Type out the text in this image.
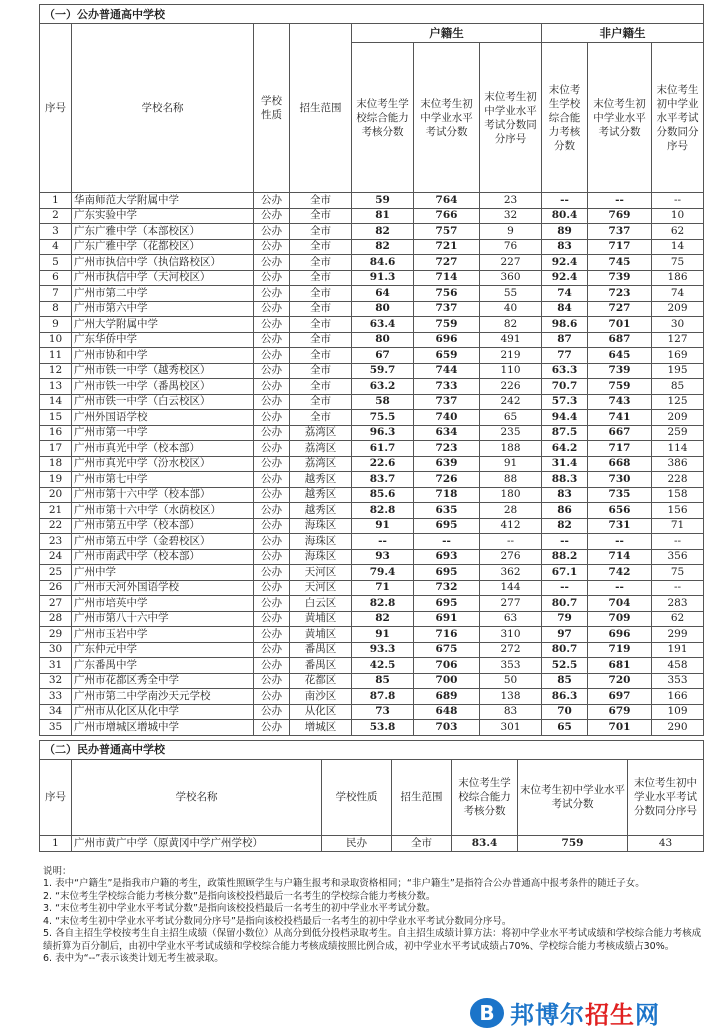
（一）公办普通高中学校									
序号	学校名称	学校性质	招生范围	户籍生			非户籍生		
				末位考生学校综合能力考核分数	末位考生初中学业水平考试分数	末位考生初中学业水平考试分数同分序号	末位考生学校综合能力考核分数	末位考生初中学业水平考试分数	末位考生初中学业水平考试分数同分序号
1	华南师范大学附属中学	公办	全市	59	764	23	--	--	--
2	广东实验中学	公办	全市	81	766	32	80.4	769	10
3	广东广雅中学（本部校区）	公办	全市	82	757	9	89	737	62
4	广东广雅中学（花都校区）	公办	全市	82	721	76	83	717	14
5	广州市执信中学（执信路校区）	公办	全市	84.6	727	227	92.4	745	75
6	广州市执信中学（天河校区）	公办	全市	91.3	714	360	92.4	739	186
7	广州市第二中学	公办	全市	64	756	55	74	723	74
8	广州市第六中学	公办	全市	80	737	40	84	727	209
9	广州大学附属中学	公办	全市	63.4	759	82	98.6	701	30
10	广东华侨中学	公办	全市	80	696	491	87	687	127
11	广州市协和中学	公办	全市	67	659	219	77	645	169
12	广州市铁一中学（越秀校区）	公办	全市	59.7	744	110	63.3	739	195
13	广州市铁一中学（番禺校区）	公办	全市	63.2	733	226	70.7	759	85
14	广州市铁一中学（白云校区）	公办	全市	58	737	242	57.3	743	125
15	广州外国语学校	公办	全市	75.5	740	65	94.4	741	209
16	广州市第一中学	公办	荔湾区	96.3	634	235	87.5	667	259
17	广州市真光中学（校本部）	公办	荔湾区	61.7	723	188	64.2	717	114
18	广州市真光中学（汾水校区）	公办	荔湾区	22.6	639	91	31.4	668	386
19	广州市第七中学	公办	越秀区	83.7	726	88	88.3	730	228
20	广州市第十六中学（校本部）	公办	越秀区	85.6	718	180	83	735	158
21	广州市第十六中学（水荫校区）	公办	越秀区	82.8	635	28	86	656	156
22	广州市第五中学（校本部）	公办	海珠区	91	695	412	82	731	71
23	广州市第五中学（金碧校区）	公办	海珠区	--	--	--	--	--	--
24	广州市南武中学（校本部）	公办	海珠区	93	693	276	88.2	714	356
25	广州中学	公办	天河区	79.4	695	362	67.1	742	75
26	广州市天河外国语学校	公办	天河区	71	732	144	--	--	--
27	广州市培英中学	公办	白云区	82.8	695	277	80.7	704	283
28	广州市第八十六中学	公办	黄埔区	82	691	63	79	709	62
29	广州市玉岩中学	公办	黄埔区	91	716	310	97	696	299
30	广东仲元中学	公办	番禺区	93.3	675	272	80.7	719	191
31	广东番禺中学	公办	番禺区	42.5	706	353	52.5	681	458
32	广州市花都区秀全中学	公办	花都区	85	700	50	85	720	353
33	广州市第二中学南沙天元学校	公办	南沙区	87.8	689	138	86.3	697	166
34	广州市从化区从化中学	公办	从化区	73	648	83	70	679	109
35	广州市增城区增城中学	公办	增城区	53.8	703	301	65	701	290
（二）民办普通高中学校						
序号	学校名称	学校性质	招生范围	末位考生学校综合能力考核分数	末位考生初中学业水平考试分数	末位考生初中学业水平考试分数同分序号
1	广州市黄广中学（原黄冈中学广州学校）	民办	全市	83.4	759	43
说明：
1. 表中“户籍生”是指我市户籍的考生，政策性照顾学生与户籍生报考和录取资格相同；“非户籍生”是指符合公办普通高中报考条件的随迁子女。
2. “末位考生学校综合能力考核分数”是指向该校投档最后一名考生的学校综合能力考核分数。
3. “末位考生初中学业水平考试分数”是指向该校投档最后一名考生的初中学业水平考试分数。
4. “末位考生初中学业水平考试分数同分序号”是指向该校投档最后一名考生的初中学业水平考试分数同分序号。
5. 各自主招生学校按考生自主招生成绩（保留小数位）从高分到低分投档录取考生。自主招生成绩计算方法：将初中学业水平考试成绩和学校综合能力考核成绩折算为百分制后，由初中学业水平考试成绩和学校综合能力考核成绩按照比例合成，初中学业水平考试成绩占70%、学校综合能力考核成绩占30%。
6. 表中为“--”表示该类计划无考生被录取。
B 邦博尔招生网
